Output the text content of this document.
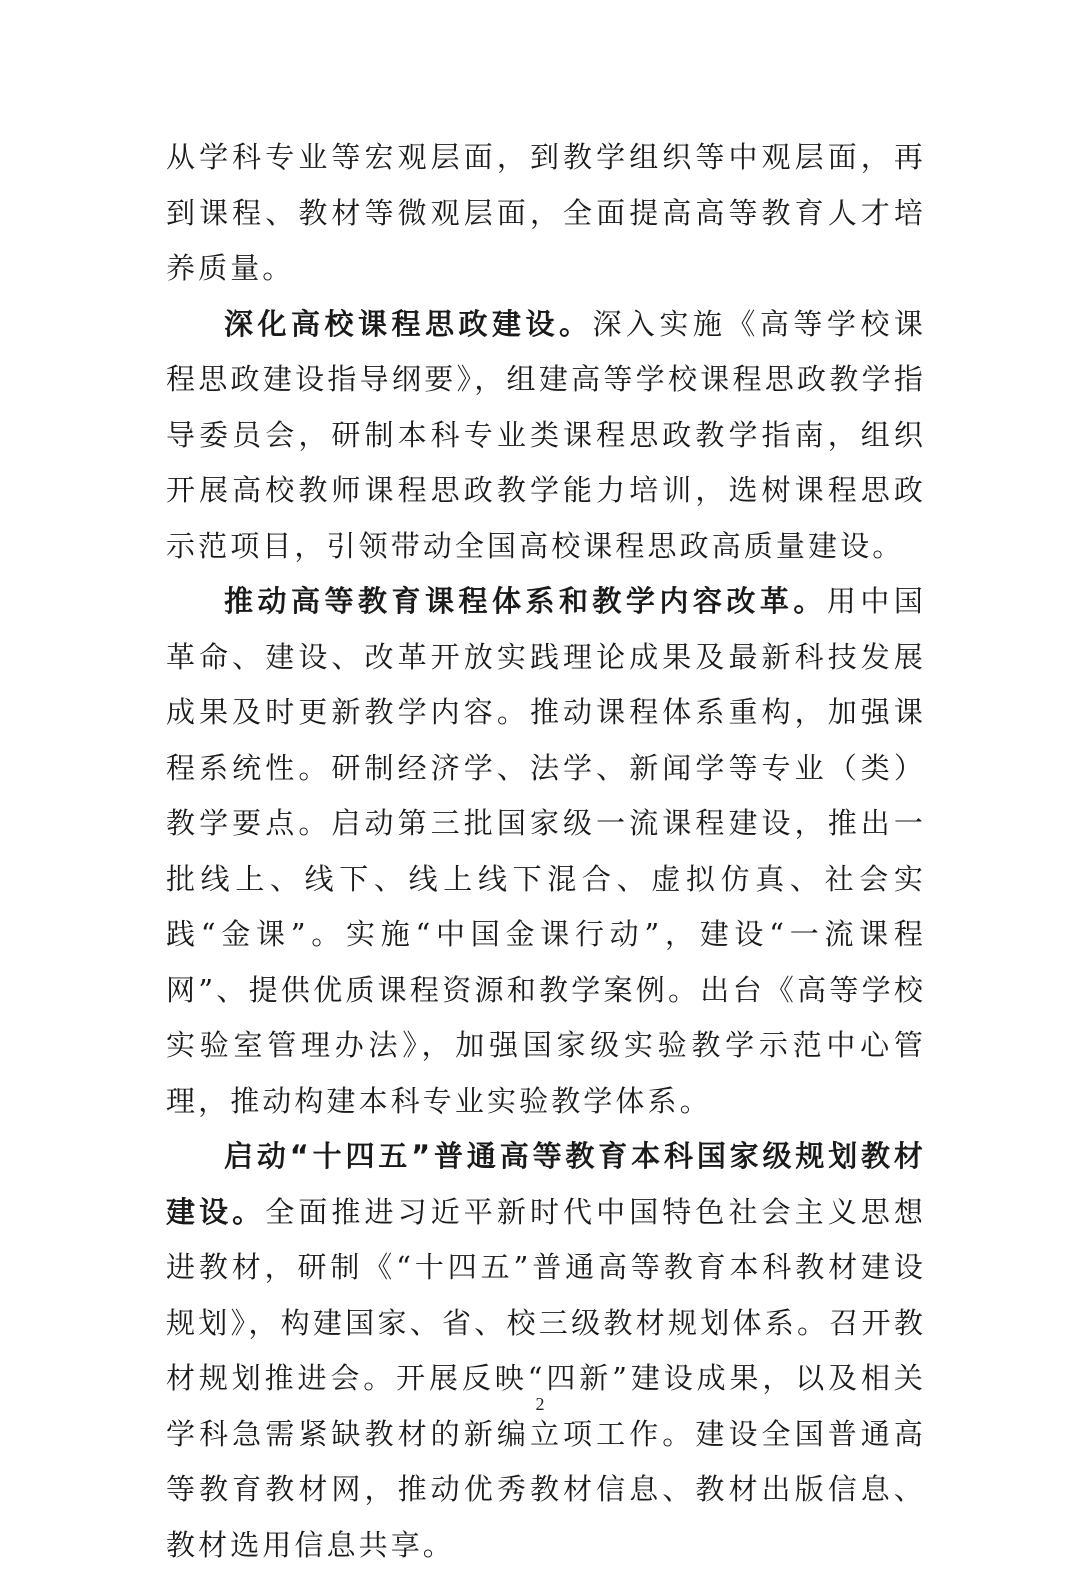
从学科专业等宏观层面，到教学组织等中观层面，再到课程、教材等微观层面，全面提高高等教育人才培养质量。

深化高校课程思政建设。深入实施《高等学校课程思政建设指导纲要》，组建高等学校课程思政教学指导委员会，研制本科专业类课程思政教学指南，组织开展高校教师课程思政教学能力培训，选树课程思政示范项目，引领带动全国高校课程思政高质量建设。

推动高等教育课程体系和教学内容改革。用中国革命、建设、改革开放实践理论成果及最新科技发展成果及时更新教学内容。推动课程体系重构，加强课程系统性。研制经济学、法学、新闻学等专业（类）教学要点。启动第三批国家级一流课程建设，推出一批线上、线下、线上线下混合、虚拟仿真、社会实践“金课”。实施“中国金课行动”，建设“一流课程网”、提供优质课程资源和教学案例。出台《高等学校实验室管理办法》，加强国家级实验教学示范中心管理，推动构建本科专业实验教学体系。

启动“十四五”普通高等教育本科国家级规划教材建设。全面推进习近平新时代中国特色社会主义思想进教材，研制《“十四五”普通高等教育本科教材建设规划》，构建国家、省、校三级教材规划体系。召开教材规划推进会。开展反映“四新”建设成果，以及相关学科急需紧缺教材的新编立项工作。建设全国普通高等教育教材网，推动优秀教材信息、教材出版信息、教材选用信息共享。

2
